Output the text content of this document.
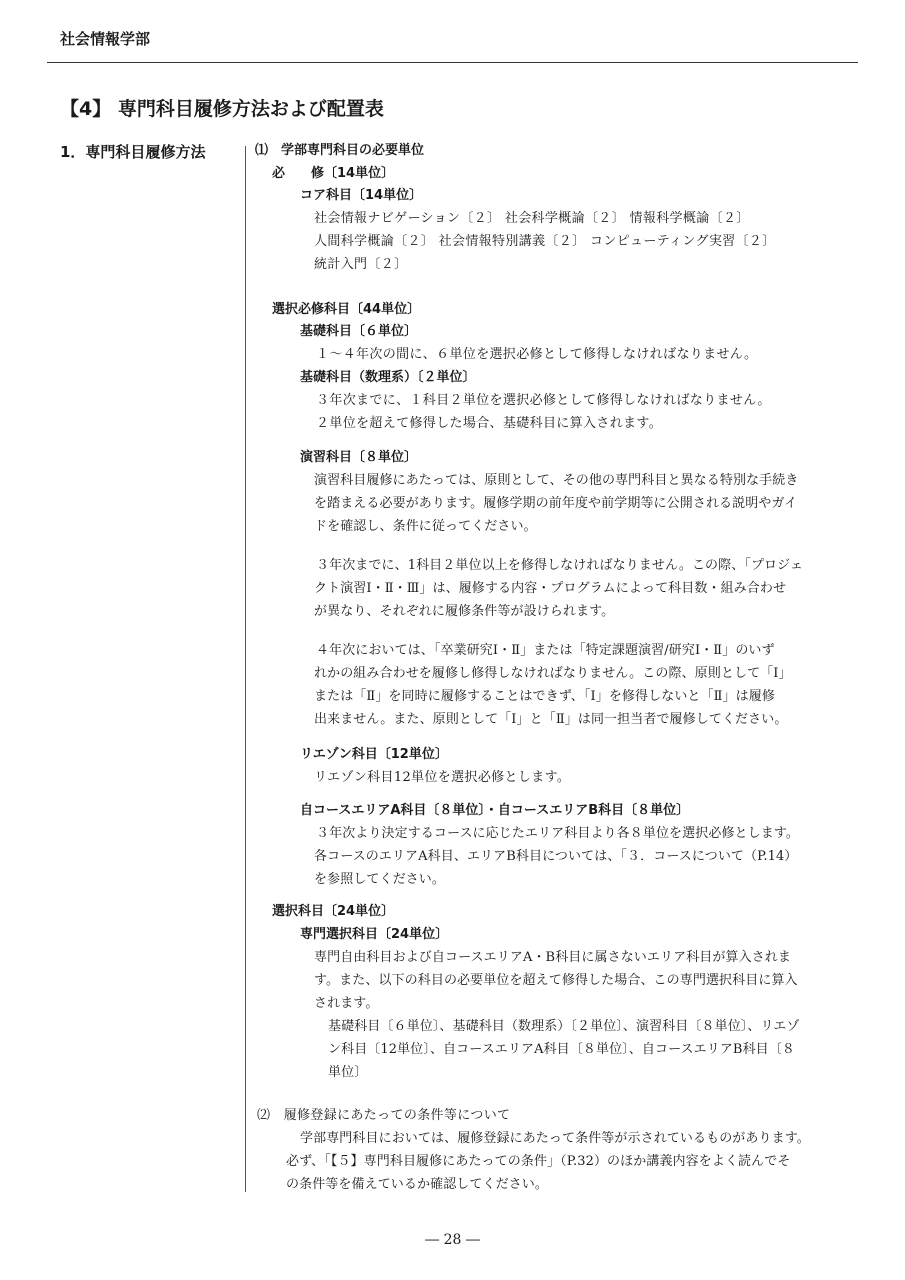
社会情報学部
【4】 専門科目履修方法および配置表
1．専門科目履修方法	⑴　学部専門科目の必要単位
必　　修〔14単位〕
コア科目〔14単位〕
社会情報ナビゲーション〔２〕 社会科学概論〔２〕 情報科学概論〔２〕
人間科学概論〔２〕 社会情報特別講義〔２〕 コンピューティング実習〔２〕
統計入門〔２〕
選択必修科目〔44単位〕
基礎科目〔６単位〕
１～４年次の間に、６単位を選択必修として修得しなければなりません。
基礎科目（数理系）〔２単位〕
３年次までに、１科目２単位を選択必修として修得しなければなりません。
２単位を超えて修得した場合、基礎科目に算入されます。
演習科目〔８単位〕
演習科目履修にあたっては、原則として、その他の専門科目と異なる特別な手続き
を踏まえる必要があります。履修学期の前年度や前学期等に公開される説明やガイ
ドを確認し、条件に従ってください。
３年次までに、1科目２単位以上を修得しなければなりません。この際、「プロジェ
クト演習Ⅰ・Ⅱ・Ⅲ」は、履修する内容・プログラムによって科目数・組み合わせ
が異なり、それぞれに履修条件等が設けられます。
４年次においては、「卒業研究Ⅰ・Ⅱ」または「特定課題演習/研究Ⅰ・Ⅱ」のいず
れかの組み合わせを履修し修得しなければなりません。この際、原則として「Ⅰ」
または「Ⅱ」を同時に履修することはできず、「Ⅰ」を修得しないと「Ⅱ」は履修
出来ません。また、原則として「Ⅰ」と「Ⅱ」は同一担当者で履修してください。
リエゾン科目〔12単位〕
リエゾン科目12単位を選択必修とします。
自コースエリアA科目〔８単位〕・自コースエリアB科目〔８単位〕
３年次より決定するコースに応じたエリア科目より各８単位を選択必修とします。
各コースのエリアA科目、エリアB科目については、「３．コースについて（P.14）
を参照してください。
選択科目〔24単位〕
専門選択科目〔24単位〕
専門自由科目および自コースエリアA・B科目に属さないエリア科目が算入されま
す。また、以下の科目の必要単位を超えて修得した場合、この専門選択科目に算入
されます。
基礎科目〔６単位〕、基礎科目（数理系）〔２単位〕、演習科目〔８単位〕、リエゾ
ン科目〔12単位〕、自コースエリアA科目〔８単位〕、自コースエリアB科目〔８
単位〕
⑵　履修登録にあたっての条件等について
学部専門科目においては、履修登録にあたって条件等が示されているものがあります。
必ず、「【５】専門科目履修にあたっての条件」（P.32）のほか講義内容をよく読んでそ
の条件等を備えているか確認してください。
― 28 ―
